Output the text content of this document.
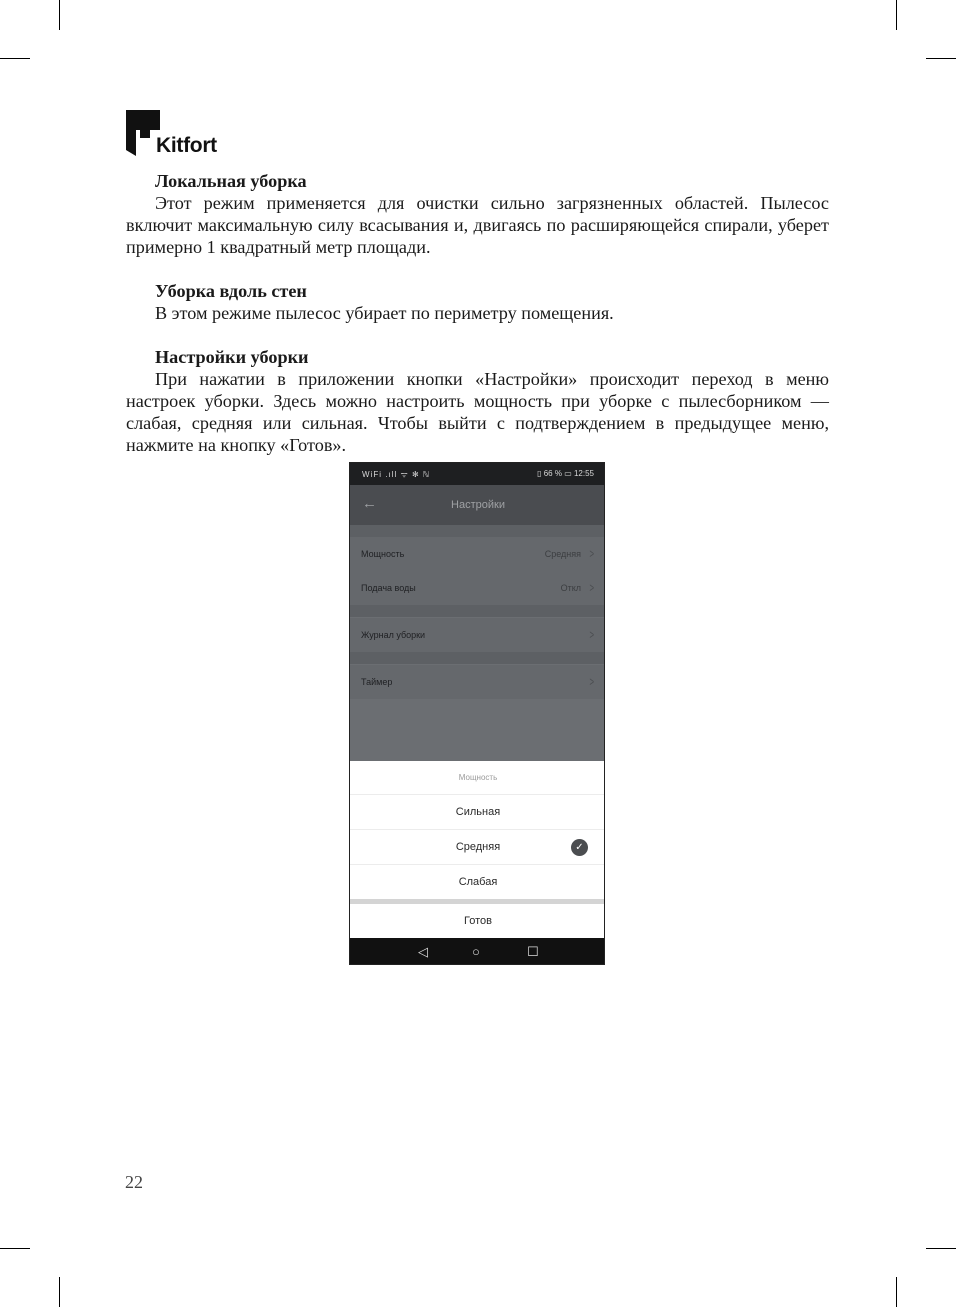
Kitfort
Локальная уборка

Этот режим применяется для очистки сильно загрязненных областей. Пылесос включит максимальную силу всасывания и, двигаясь по расширяющейся спирали, уберет примерно 1 квадратный метр площади.

Уборка вдоль стен

В этом режиме пылесос убирает по периметру помещения.

Настройки уборки

При нажатии в приложении кнопки «Настройки» происходит переход в меню настроек уборки. Здесь можно настроить мощность при уборке с пылесборником — слабая, средняя или сильная. Чтобы выйти с подтверждением в предыдущее меню, нажмите на кнопку «Готов».

WiFi .ıll ᯤ ✻ ℕ	▯ 66 % ▭ 12:55
←	Настройки
Мощность	Средняя >
Подача воды	Откл >
Журнал уборки	>
Таймер	>
Мощность
Сильная
Средняя	✓
Слабая
Готов
◁	○	☐
22
